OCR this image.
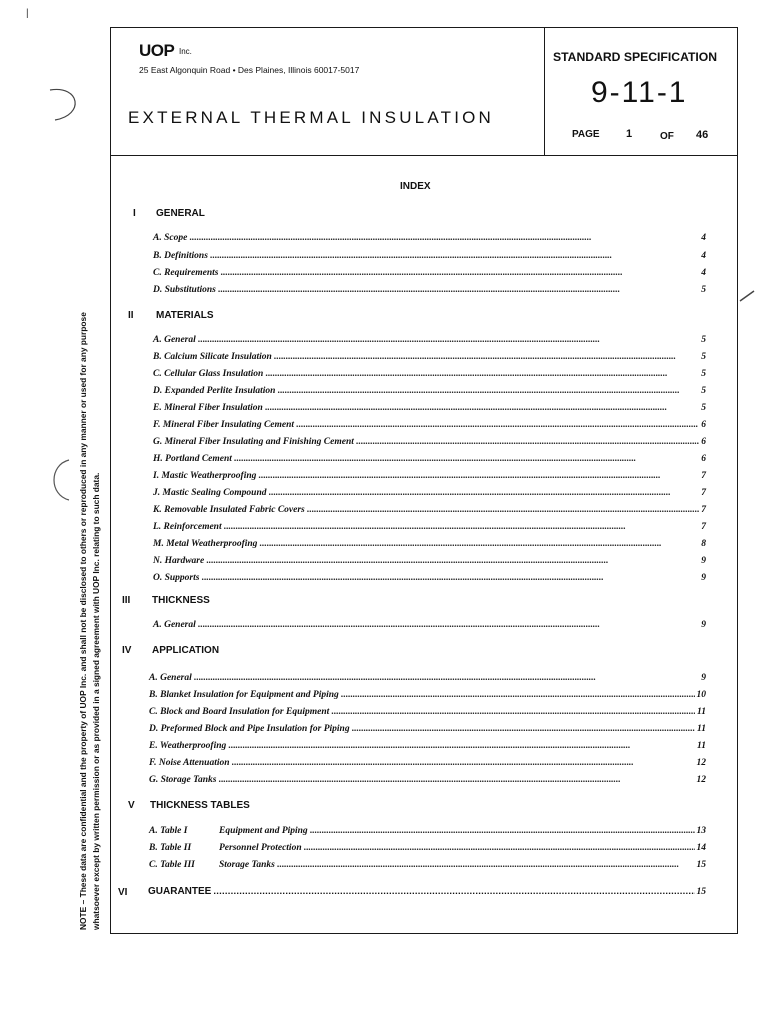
UOP Inc.
25 East Algonquin Road • Des Plaines, Illinois 60017-5017
EXTERNAL THERMAL INSULATION
STANDARD SPECIFICATION
9-11-1
PAGE 1	OF 46
INDEX
I GENERAL
A. Scope . . .	4
B. Definitions . . .	4
C. Requirements . . .	4
D. Substitutions . . .	5
II MATERIALS
A. General . . .	5
B. Calcium Silicate Insulation . . .	5
C. Cellular Glass Insulation . . .	5
D. Expanded Perlite Insulation . . .	5
E. Mineral Fiber Insulation . . .	5
F. Mineral Fiber Insulating Cement . . .	6
G. Mineral Fiber Insulating and Finishing Cement . . .	6
H. Portland Cement . . .	6
I. Mastic Weatherproofing . . .	7
J. Mastic Sealing Compound . . .	7
K. Removable Insulated Fabric Covers . . .	7
L. Reinforcement . . .	7
M. Metal Weatherproofing . . .	8
N. Hardware . . .	9
O. Supports . . .	9
III THICKNESS
A. General . . .	9
IV APPLICATION
A. General . . .	9
B. Blanket Insulation for Equipment and Piping . . .	10
C. Block and Board Insulation for Equipment . . .	11
D. Preformed Block and Pipe Insulation for Piping . . .	11
E. Weatherproofing . . .	11
F. Noise Attenuation . . .	12
G. Storage Tanks . . .	12
V THICKNESS TABLES
A. Table I	Equipment and Piping . . .	13
B. Table II	Personnel Protection . . .	14
C. Table III	Storage Tanks . . .	15
VI GUARANTEE . . .	15
NOTE – These data are confidential and the property of UOP Inc. and shall not be disclosed to others or reproduced in any manner or used for any purpose whatsoever except by written permission or as provided in a signed agreement with UOP Inc. relating to such data.
|
